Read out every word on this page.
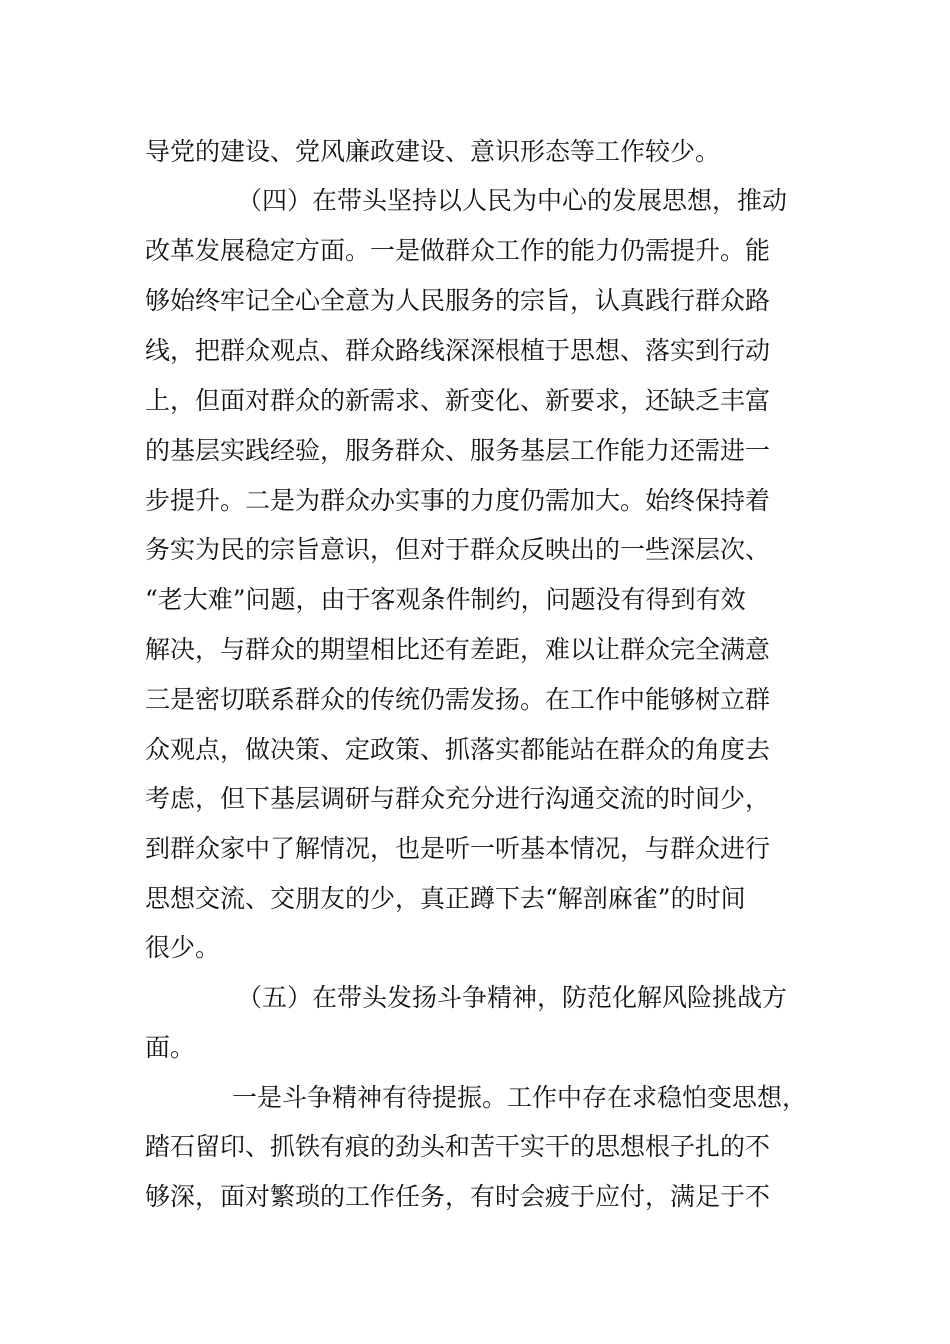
导党的建设、党风廉政建设、意识形态等工作较少。
（四）在带头坚持以人民为中心的发展思想，推动
改革发展稳定方面。一是做群众工作的能力仍需提升。能
够始终牢记全心全意为人民服务的宗旨，认真践行群众路
线，把群众观点、群众路线深深根植于思想、落实到行动
上，但面对群众的新需求、新变化、新要求，还缺乏丰富
的基层实践经验，服务群众、服务基层工作能力还需进一
步提升。二是为群众办实事的力度仍需加大。始终保持着
务实为民的宗旨意识，但对于群众反映出的一些深层次、
“老大难”问题，由于客观条件制约，问题没有得到有效
解决，与群众的期望相比还有差距，难以让群众完全满意
三是密切联系群众的传统仍需发扬。在工作中能够树立群
众观点，做决策、定政策、抓落实都能站在群众的角度去
考虑，但下基层调研与群众充分进行沟通交流的时间少，
到群众家中了解情况，也是听一听基本情况，与群众进行
思想交流、交朋友的少，真正蹲下去“解剖麻雀”的时间
很少。
（五）在带头发扬斗争精神，防范化解风险挑战方
面。
一是斗争精神有待提振。工作中存在求稳怕变思想，
踏石留印、抓铁有痕的劲头和苦干实干的思想根子扎的不
够深，面对繁琐的工作任务，有时会疲于应付，满足于不
